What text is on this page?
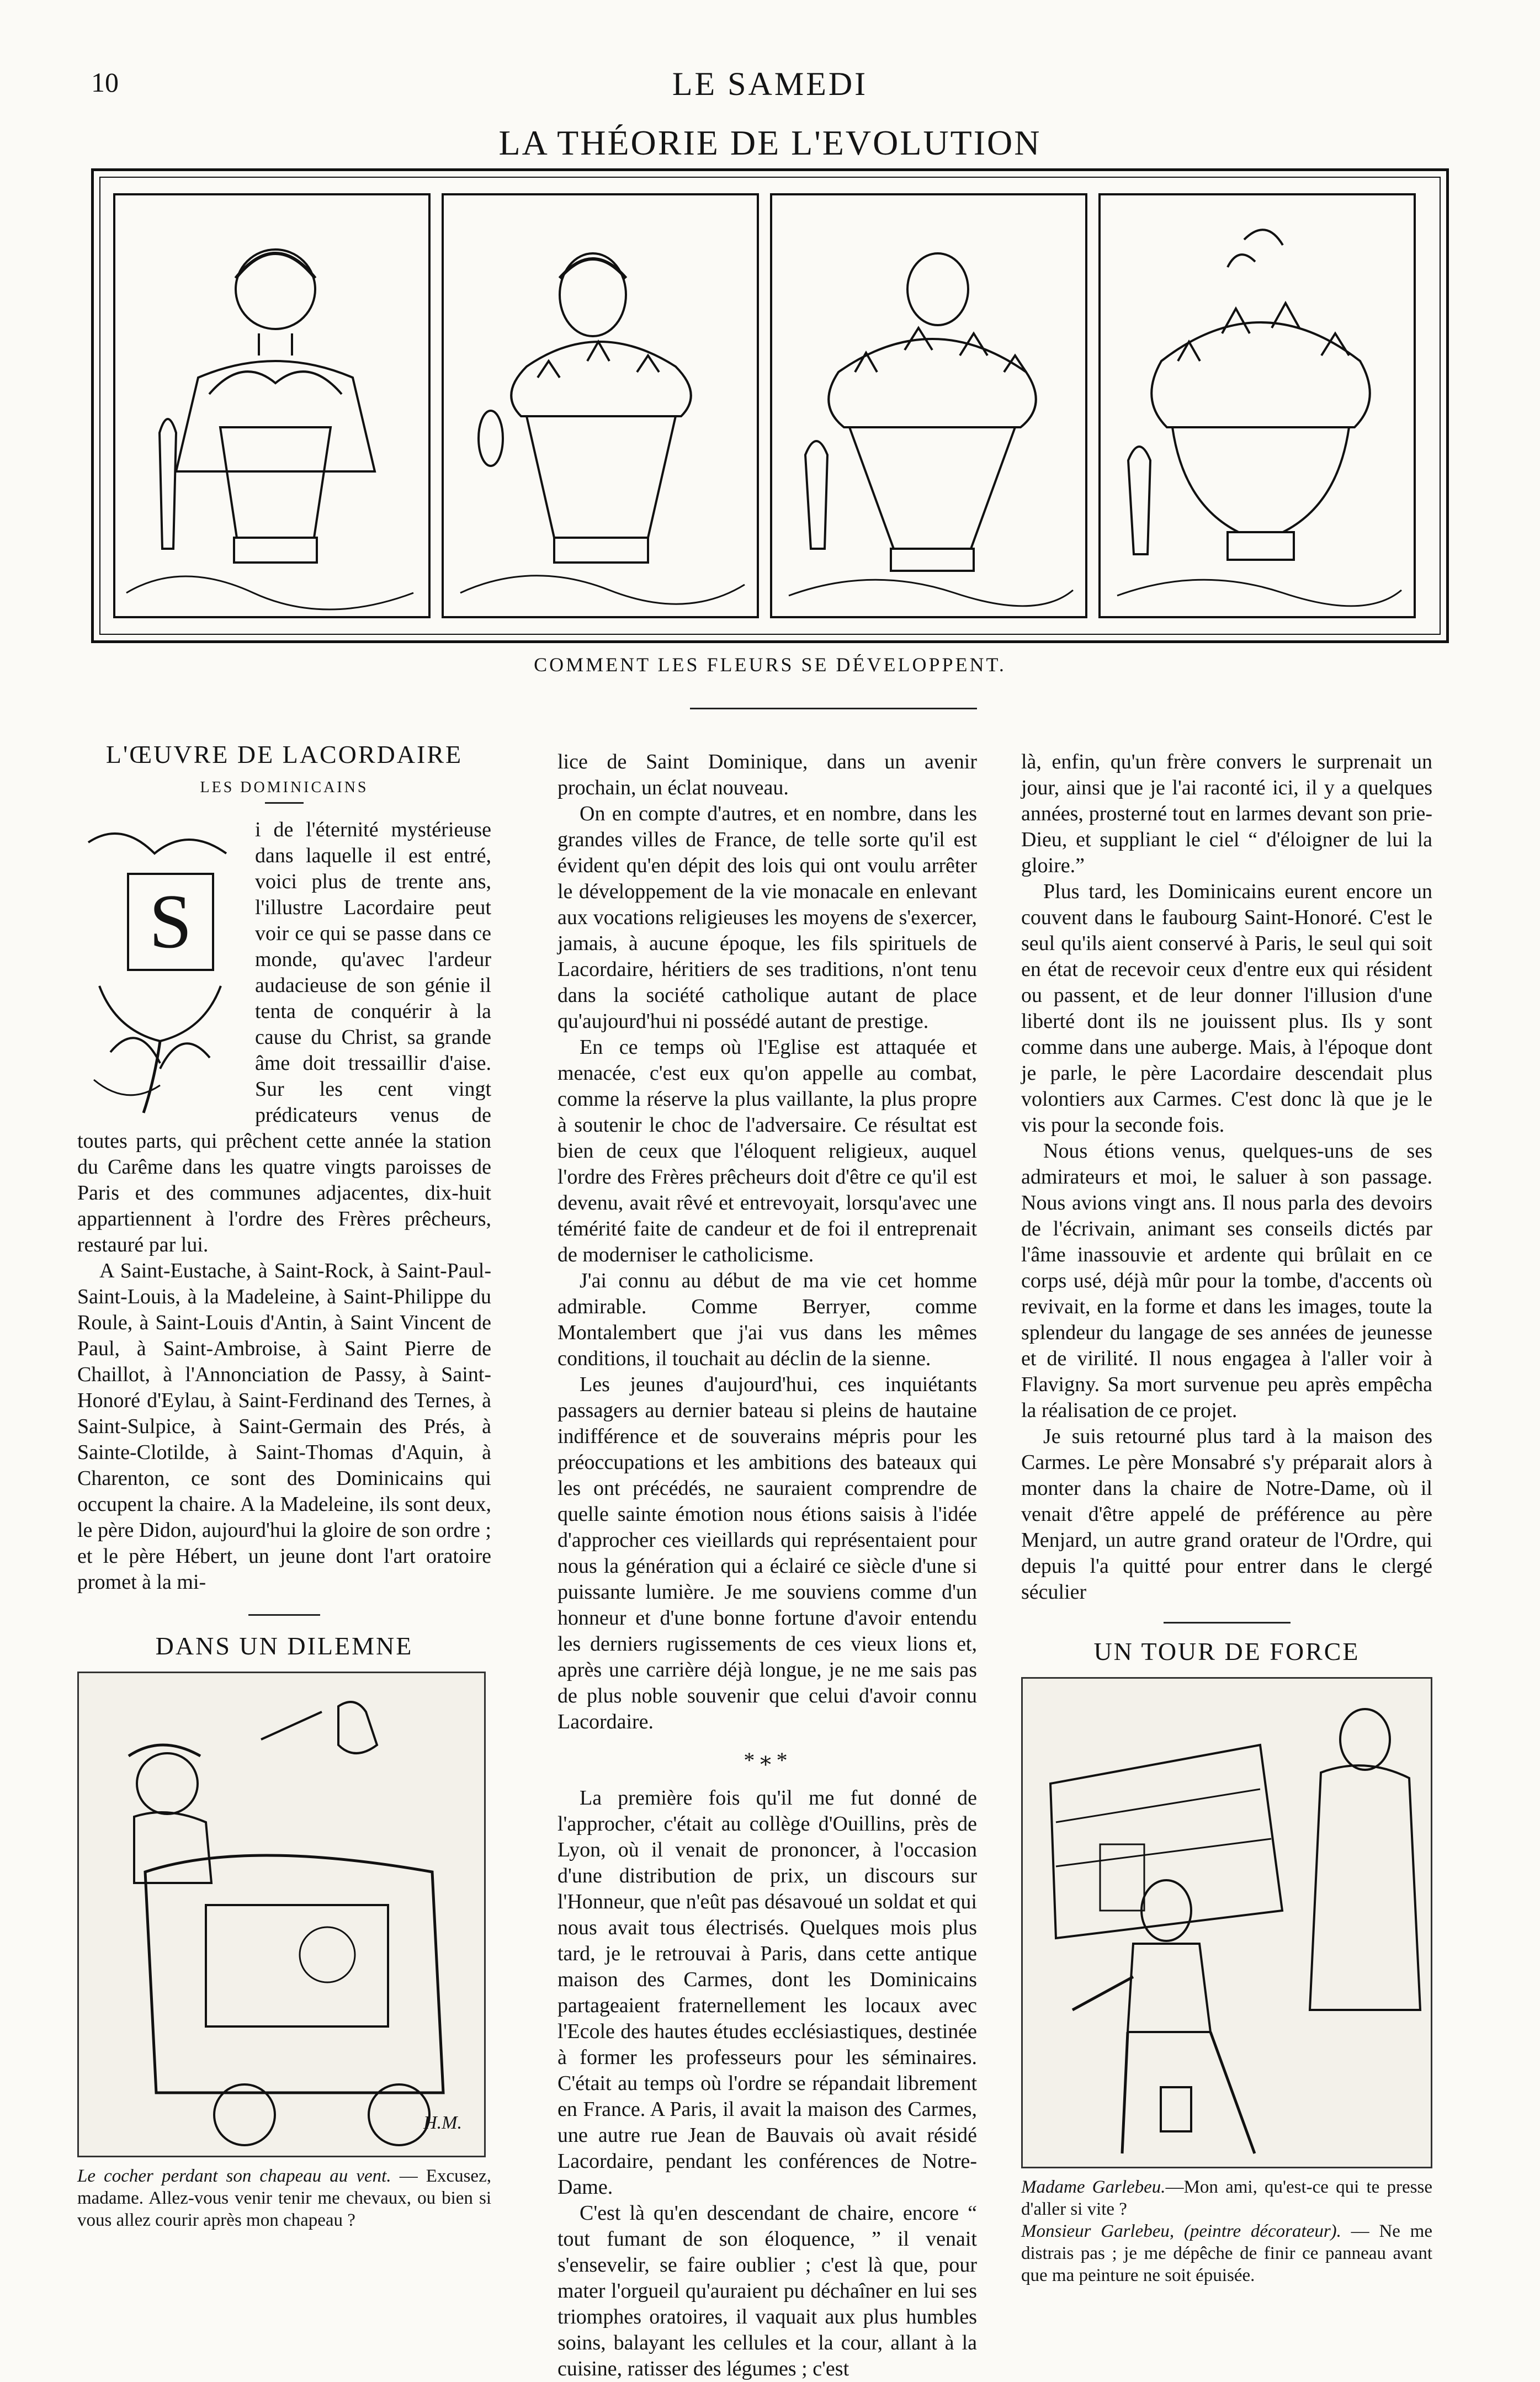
10	LE SAMEDI
LA THÉORIE DE L'EVOLUTION
COMMENT LES FLEURS SE DÉVELOPPENT.
L'ŒUVRE DE LACORDAIRE
LES DOMINICAINS
S

i de l'éternité mystérieuse dans laquelle il est entré, voici plus de trente ans, l'illustre Lacordaire peut voir ce qui se passe dans ce monde, qu'avec l'ardeur audacieuse de son génie il tenta de conquérir à la cause du Christ, sa grande âme doit tressaillir d'aise. Sur les cent vingt prédicateurs venus de toutes parts, qui prêchent cette année la station du Carême dans les quatre vingts paroisses de Paris et des communes adjacentes, dix-huit appartiennent à l'ordre des Frères prêcheurs, restauré par lui.

A Saint-Eustache, à Saint-Rock, à Saint-Paul-Saint-Louis, à la Madeleine, à Saint-Philippe du Roule, à Saint-Louis d'Antin, à Saint Vincent de Paul, à Saint-Ambroise, à Saint Pierre de Chaillot, à l'Annonciation de Passy, à Saint-Honoré d'Eylau, à Saint-Ferdinand des Ternes, à Saint-Sulpice, à Saint-Germain des Prés, à Sainte-Clotilde, à Saint-Thomas d'Aquin, à Charenton, ce sont des Dominicains qui occupent la chaire. A la Madeleine, ils sont deux, le père Didon, aujourd'hui la gloire de son ordre ; et le père Hébert, un jeune dont l'art oratoire promet à la mi-

DANS UN DILEMNE
H.M.
Le cocher perdant son chapeau au vent. — Excusez, madame. Allez-vous venir tenir me chevaux, ou bien si vous allez courir après mon chapeau ?

lice de Saint Dominique, dans un avenir prochain, un éclat nouveau.

On en compte d'autres, et en nombre, dans les grandes villes de France, de telle sorte qu'il est évident qu'en dépit des lois qui ont voulu arrêter le développement de la vie monacale en enlevant aux vocations religieuses les moyens de s'exercer, jamais, à aucune époque, les fils spirituels de Lacordaire, héritiers de ses traditions, n'ont tenu dans la société catholique autant de place qu'aujourd'hui ni possédé autant de prestige.

En ce temps où l'Eglise est attaquée et menacée, c'est eux qu'on appelle au combat, comme la réserve la plus vaillante, la plus propre à soutenir le choc de l'adversaire. Ce résultat est bien de ceux que l'éloquent religieux, auquel l'ordre des Frères prêcheurs doit d'être ce qu'il est devenu, avait rêvé et entrevoyait, lorsqu'avec une témérité faite de candeur et de foi il entreprenait de moderniser le catholicisme.

J'ai connu au début de ma vie cet homme admirable. Comme Berryer, comme Montalembert que j'ai vus dans les mêmes conditions, il touchait au déclin de la sienne.

Les jeunes d'aujourd'hui, ces inquiétants passagers au dernier bateau si pleins de hautaine indifférence et de souverains mépris pour les préoccupations et les ambitions des bateaux qui les ont précédés, ne sauraient comprendre de quelle sainte émotion nous étions saisis à l'idée d'approcher ces vieillards qui représentaient pour nous la génération qui a éclairé ce siècle d'une si puissante lumière. Je me souviens comme d'un honneur et d'une bonne fortune d'avoir entendu les derniers rugissements de ces vieux lions et, après une carrière déjà longue, je ne me sais pas de plus noble souvenir que celui d'avoir connu Lacordaire.

*∗*

La première fois qu'il me fut donné de l'approcher, c'était au collège d'Ouillins, près de Lyon, où il venait de prononcer, à l'occasion d'une distribution de prix, un discours sur l'Honneur, que n'eût pas désavoué un soldat et qui nous avait tous électrisés. Quelques mois plus tard, je le retrouvai à Paris, dans cette antique maison des Carmes, dont les Dominicains partageaient fraternellement les locaux avec l'Ecole des hautes études ecclésiastiques, destinée à former les professeurs pour les séminaires. C'était au temps où l'ordre se répandait librement en France. A Paris, il avait la maison des Carmes, une autre rue Jean de Bauvais où avait résidé Lacordaire, pendant les conférences de Notre-Dame.

C'est là qu'en descendant de chaire, encore “ tout fumant de son éloquence, ” il venait s'ensevelir, se faire oublier ; c'est là que, pour mater l'orgueil qu'auraient pu déchaîner en lui ses triomphes oratoires, il vaquait aux plus humbles soins, balayant les cellules et la cour, allant à la cuisine, ratisser des légumes ; c'est

là, enfin, qu'un frère convers le surprenait un jour, ainsi que je l'ai raconté ici, il y a quelques années, prosterné tout en larmes devant son prie-Dieu, et suppliant le ciel “ d'éloigner de lui la gloire.”

Plus tard, les Dominicains eurent encore un couvent dans le faubourg Saint-Honoré. C'est le seul qu'ils aient conservé à Paris, le seul qui soit en état de recevoir ceux d'entre eux qui résident ou passent, et de leur donner l'illusion d'une liberté dont ils ne jouissent plus. Ils y sont comme dans une auberge. Mais, à l'époque dont je parle, le père Lacordaire descendait plus volontiers aux Carmes. C'est donc là que je le vis pour la seconde fois.

Nous étions venus, quelques-uns de ses admirateurs et moi, le saluer à son passage. Nous avions vingt ans. Il nous parla des devoirs de l'écrivain, animant ses conseils dictés par l'âme inassouvie et ardente qui brûlait en ce corps usé, déjà mûr pour la tombe, d'accents où revivait, en la forme et dans les images, toute la splendeur du langage de ses années de jeunesse et de virilité. Il nous engagea à l'aller voir à Flavigny. Sa mort survenue peu après empêcha la réalisation de ce projet.

Je suis retourné plus tard à la maison des Carmes. Le père Monsabré s'y préparait alors à monter dans la chaire de Notre-Dame, où il venait d'être appelé de préférence au père Menjard, un autre grand orateur de l'Ordre, qui depuis l'a quitté pour entrer dans le clergé séculier

UN TOUR DE FORCE
Madame Garlebeu.—Mon ami, qu'est-ce qui te presse d'aller si vite ?
Monsieur Garlebeu, (peintre décorateur). — Ne me distrais pas ; je me dépêche de finir ce panneau avant que ma peinture ne soit épuisée.
